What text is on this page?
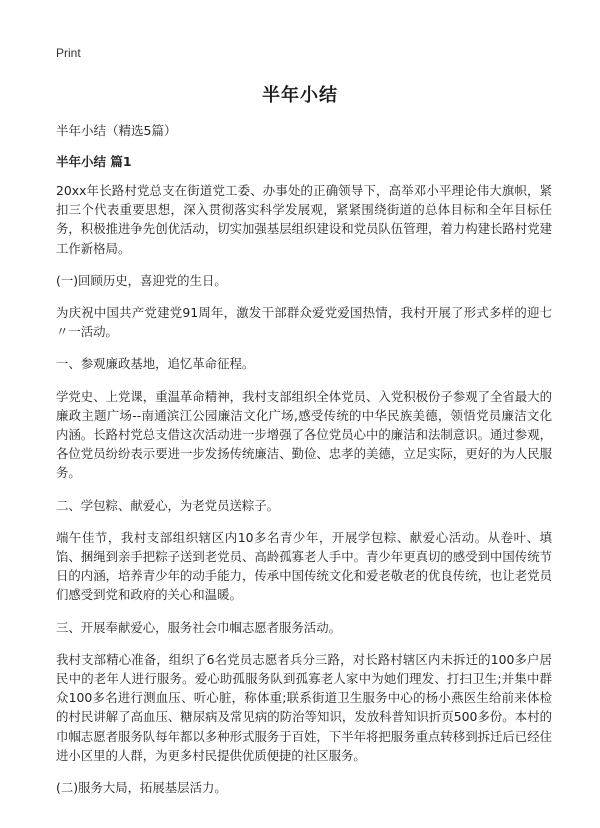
Print
半年小结
半年小结（精选5篇）
半年小结 篇1

20xx年长路村党总支在街道党工委、办事处的正确领导下，高举邓小平理论伟大旗帜，紧扣三个代表重要思想，深入贯彻落实科学发展观，紧紧围绕街道的总体目标和全年目标任务，积极推进争先创优活动，切实加强基层组织建设和党员队伍管理，着力构建长路村党建工作新格局。

(一)回顾历史，喜迎党的生日。

为庆祝中国共产党建党91周年，激发干部群众爱党爱国热情，我村开展了形式多样的迎七〃一活动。

一、参观廉政基地，追忆革命征程。

学党史、上党课，重温革命精神，我村支部组织全体党员、入党积极份子参观了全省最大的廉政主题广场--南通滨江公园廉洁文化广场,感受传统的中华民族美德，领悟党员廉洁文化内涵。长路村党总支借这次活动进一步增强了各位党员心中的廉洁和法制意识。通过参观，各位党员纷纷表示要进一步发扬传统廉洁、勤俭、忠孝的美德，立足实际，更好的为人民服务。

二、学包粽、献爱心，为老党员送粽子。

端午佳节，我村支部组织辖区内10多名青少年，开展学包粽、献爱心活动。从卷叶、填馅、捆绳到亲手把粽子送到老党员、高龄孤寡老人手中。青少年更真切的感受到中国传统节日的内涵，培养青少年的动手能力，传承中国传统文化和爱老敬老的优良传统，也让老党员们感受到党和政府的关心和温暖。

三、开展奉献爱心，服务社会巾帼志愿者服务活动。

我村支部精心准备，组织了6名党员志愿者兵分三路，对长路村辖区内未拆迁的100多户居民中的老年人进行服务。爱心助孤服务队到孤寡老人家中为她们理发、打扫卫生;并集中群众100多名进行测血压、听心脏，称体重;联系街道卫生服务中心的杨小燕医生给前来体检的村民讲解了高血压、糖尿病及常见病的防治等知识，发放科普知识折页500多份。本村的巾帼志愿者服务队每年都以多种形式服务于百姓，下半年将把服务重点转移到拆迁后已经住进小区里的人群，为更多村民提供优质便捷的社区服务。

(二)服务大局，拓展基层活力。
